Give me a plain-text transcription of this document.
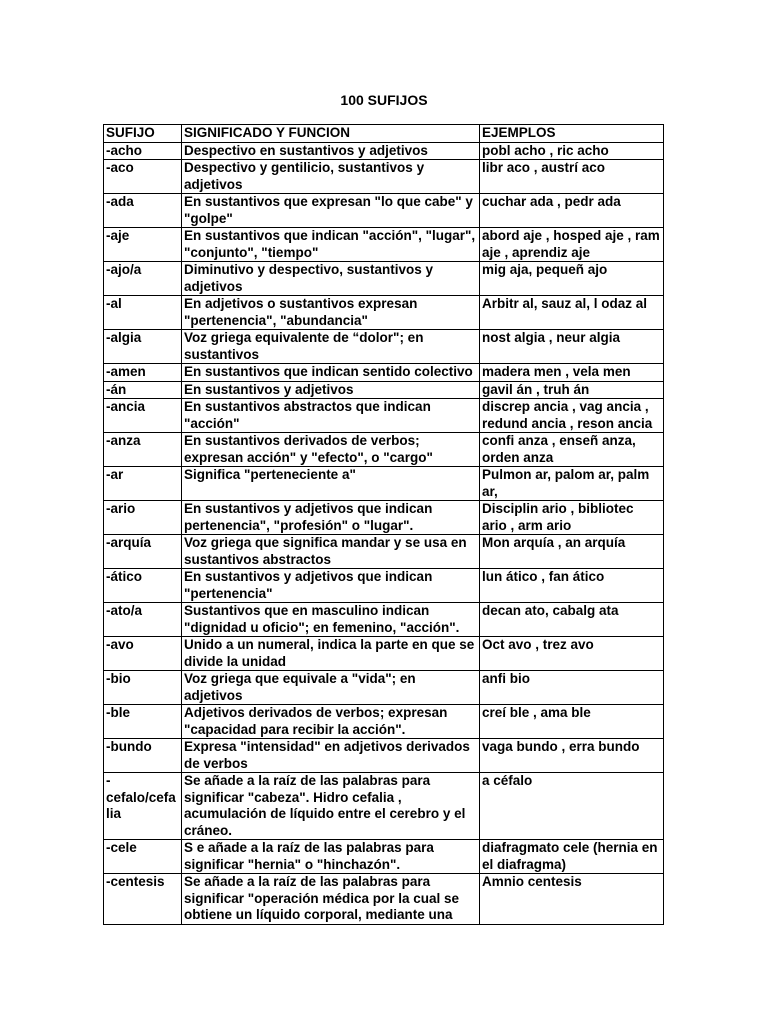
100 SUFIJOS
SUFIJO	SIGNIFICADO Y FUNCION	EJEMPLOS
-acho	Despectivo en sustantivos y adjetivos	pobl acho , ric acho
-aco	Despectivo y gentilicio, sustantivos y adjetivos	libr aco , austrí aco
-ada	En sustantivos que expresan "lo que cabe" y "golpe"	cuchar ada , pedr ada
-aje	En sustantivos que indican "acción", "lugar", "conjunto", "tiempo"	abord aje , hosped aje , ram aje , aprendiz aje
-ajo/a	Diminutivo y despectivo, sustantivos y adjetivos	mig aja, pequeñ ajo
-al	En adjetivos o sustantivos expresan "pertenencia", "abundancia"	Arbitr al, sauz al, l odaz al
-algia	Voz griega equivalente de “dolor"; en sustantivos	nost algia , neur algia
-amen	En sustantivos que indican sentido colectivo	madera men , vela men
-án	En sustantivos y adjetivos	gavil án , truh án
-ancia	En sustantivos abstractos que indican "acción"	discrep ancia , vag ancia , redund ancia , reson ancia
-anza	En sustantivos derivados de verbos; expresan acción" y "efecto", o "cargo"	confi anza , enseñ anza, orden anza
-ar	Significa "perteneciente a"	Pulmon ar, palom ar, palm ar,
-ario	En sustantivos y adjetivos que indican pertenencia", "profesión" o "lugar".	Disciplin ario , bibliotec ario , arm ario
-arquía	Voz griega que significa mandar y se usa en sustantivos abstractos	Mon arquía , an arquía
-ático	En sustantivos y adjetivos que indican "pertenencia"	lun ático , fan ático
-ato/a	Sustantivos que en masculino indican "dignidad u oficio"; en femenino, "acción".	decan ato, cabalg ata
-avo	Unido a un numeral, indica la parte en que se divide la unidad	Oct avo , trez avo
-bio	Voz griega que equivale a "vida"; en adjetivos	anfi bio
-ble	Adjetivos derivados de verbos; expresan "capacidad para recibir la acción".	creí ble , ama ble
-bundo	Expresa "intensidad" en adjetivos derivados de verbos	vaga bundo , erra bundo
-cefalo/cefalia	Se añade a la raíz de las palabras para significar "cabeza". Hidro cefalia , acumulación de líquido entre el cerebro y el cráneo.	a céfalo
-cele	S e añade a la raíz de las palabras para significar "hernia" o "hinchazón".	diafragmato cele (hernia en el diafragma)
-centesis	Se añade a la raíz de las palabras para significar "operación médica por la cual se obtiene un líquido corporal, mediante una	Amnio centesis
